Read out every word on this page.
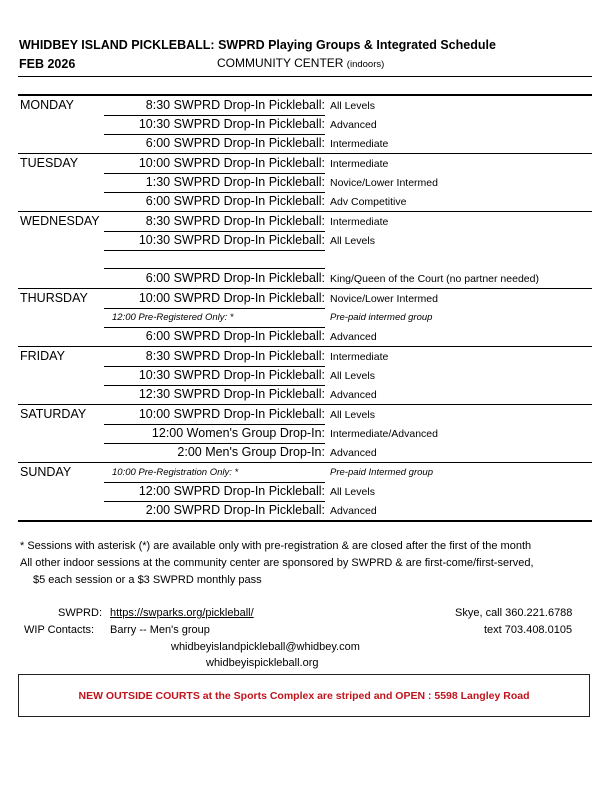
WHIDBEY ISLAND PICKLEBALL: SWPRD Playing Groups & Integrated Schedule
FEB 2026	COMMUNITY CENTER (indoors)
MONDAY	8:30 SWPRD Drop-In Pickleball: All Levels
10:30 SWPRD Drop-In Pickleball: Advanced
6:00 SWPRD Drop-In Pickleball: Intermediate
TUESDAY	10:00 SWPRD Drop-In Pickleball: Intermediate
1:30 SWPRD Drop-In Pickleball: Novice/Lower Intermed
6:00 SWPRD Drop-In Pickleball: Adv Competitive
WEDNESDAY	8:30 SWPRD Drop-In Pickleball: Intermediate
10:30 SWPRD Drop-In Pickleball: All Levels
6:00 SWPRD Drop-In Pickleball: King/Queen of the Court (no partner needed)
THURSDAY	10:00 SWPRD Drop-In Pickleball: Novice/Lower Intermed
12:00 Pre-Registered Only: *	Pre-paid intermed group
6:00 SWPRD Drop-In Pickleball: Advanced
FRIDAY	8:30 SWPRD Drop-In Pickleball: Intermediate
10:30 SWPRD Drop-In Pickleball: All Levels
12:30 SWPRD Drop-In Pickleball: Advanced
SATURDAY	10:00 SWPRD Drop-In Pickleball: All Levels
12:00 Women's Group Drop-In: Intermediate/Advanced
2:00 Men's Group Drop-In: Advanced
SUNDAY	10:00 Pre-Registration Only: *	Pre-paid Intermed group
12:00 SWPRD Drop-In Pickleball: All Levels
2:00 SWPRD Drop-In Pickleball: Advanced
* Sessions with asterisk (*) are available only with pre-registration & are closed after the first of the month
All other indoor sessions at the community center are sponsored by SWPRD & are first-come/first-served,
$5 each session or a $3 SWPRD monthly pass
SWPRD: https://swparks.org/pickleball/	Skye, call 360.221.6788
WIP Contacts: Barry -- Men's group	text 703.408.0105
whidbeyislandpickleball@whidbey.com
whidbeyispickleball.org
NEW OUTSIDE COURTS at the Sports Complex are striped and OPEN : 5598 Langley Road
